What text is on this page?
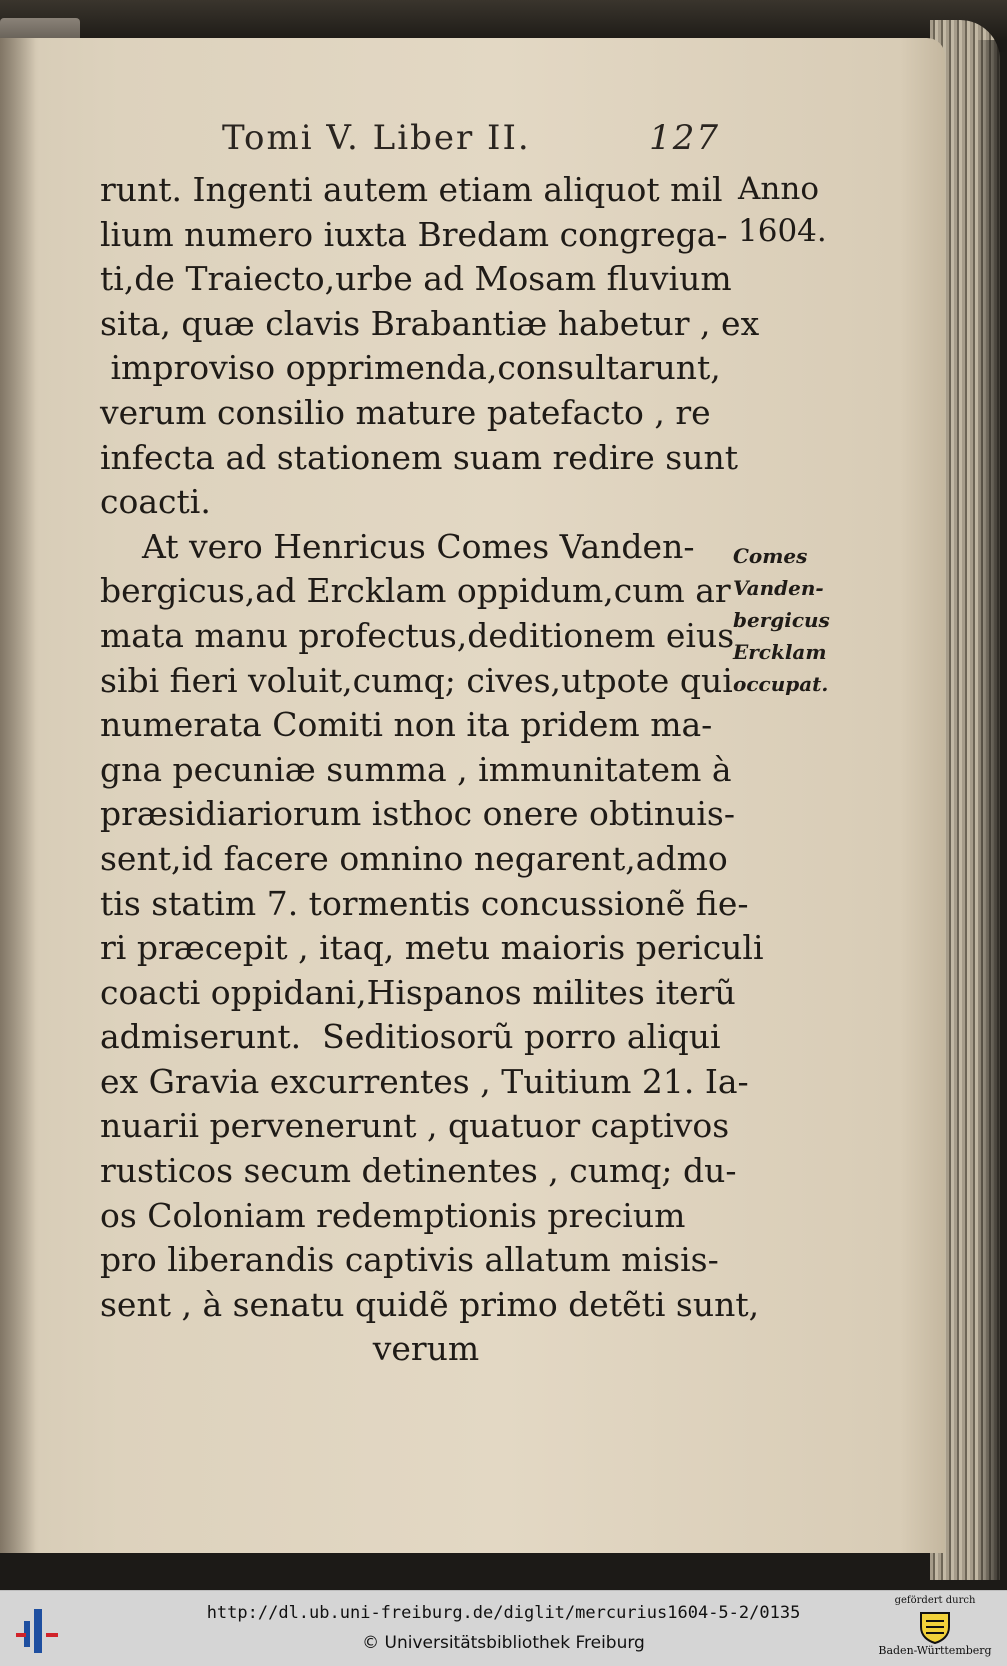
Tomi V. Liber II.	127
runt. Ingenti autem etiam aliquot mil
lium numero iuxta Bredam congrega-
ti,de Traiecto,urbe ad Mosam fluvium
sita, quæ clavis Brabantiæ habetur , ex
improviso opprimenda,consultarunt,
verum consilio mature patefacto , re
infecta ad stationem suam redire sunt
coacti.
At vero Henricus Comes Vanden-
bergicus,ad Ercklam oppidum,cum ar
mata manu profectus,deditionem eius
sibi fieri voluit,cumq; cives,utpote qui
numerata Comiti non ita pridem ma-
gna pecuniæ summa , immunitatem à
præsidiariorum isthoc onere obtinuis-
sent,id facere omnino negarent,admo
tis statim 7. tormentis concussionẽ fie-
ri præcepit , itaq, metu maioris periculi
coacti oppidani,Hispanos milites iterũ
admiserunt.  Seditiosorũ porro aliqui
ex Gravia excurrentes , Tuitium 21. Ia-
nuarii pervenerunt , quatuor captivos
rusticos secum detinentes , cumq; du-
os Coloniam redemptionis precium
pro liberandis captivis allatum misis-
sent , à senatu quidẽ primo detẽti sunt,
verum
Anno
1604.
Comes
Vanden-
bergicus
Ercklam
occupat.
http://dl.ub.uni-freiburg.de/diglit/mercurius1604-5-2/0135
© Universitätsbibliothek Freiburg
gefördert durch
Baden-Württemberg
